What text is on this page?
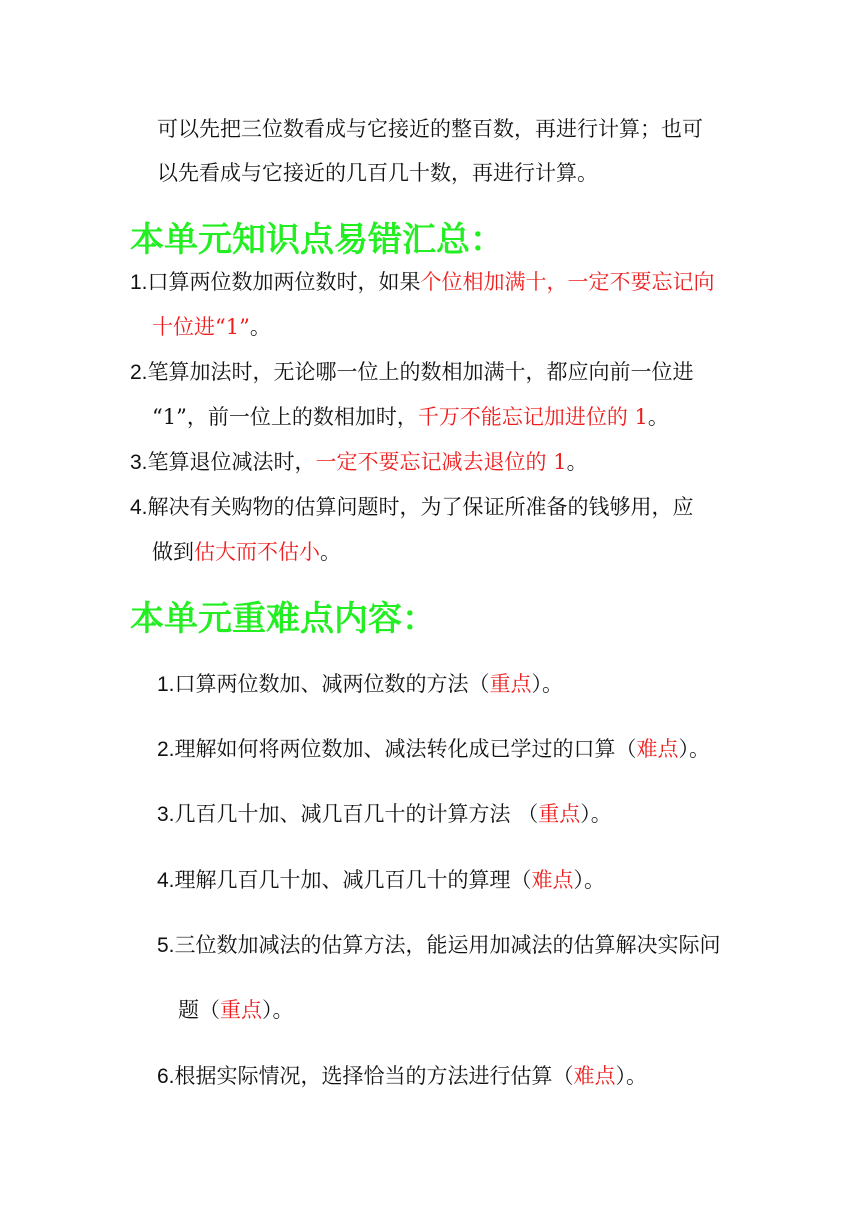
可以先把三位数看成与它接近的整百数，再进行计算；也可
以先看成与它接近的几百几十数，再进行计算。
本单元知识点易错汇总：
1.口算两位数加两位数时，如果个位相加满十，一定不要忘记向
十位进“1”。
2.笔算加法时，无论哪一位上的数相加满十，都应向前一位进
“1”，前一位上的数相加时，千万不能忘记加进位的 1。
3.笔算退位减法时，一定不要忘记减去退位的 1。
4.解决有关购物的估算问题时，为了保证所准备的钱够用，应
做到估大而不估小。
本单元重难点内容：
1.口算两位数加、减两位数的方法（重点）。
2.理解如何将两位数加、减法转化成已学过的口算（难点）。
3.几百几十加、减几百几十的计算方法 （重点）。
4.理解几百几十加、减几百几十的算理（难点）。
5.三位数加减法的估算方法，能运用加减法的估算解决实际问
题（重点）。
6.根据实际情况，选择恰当的方法进行估算（难点）。
